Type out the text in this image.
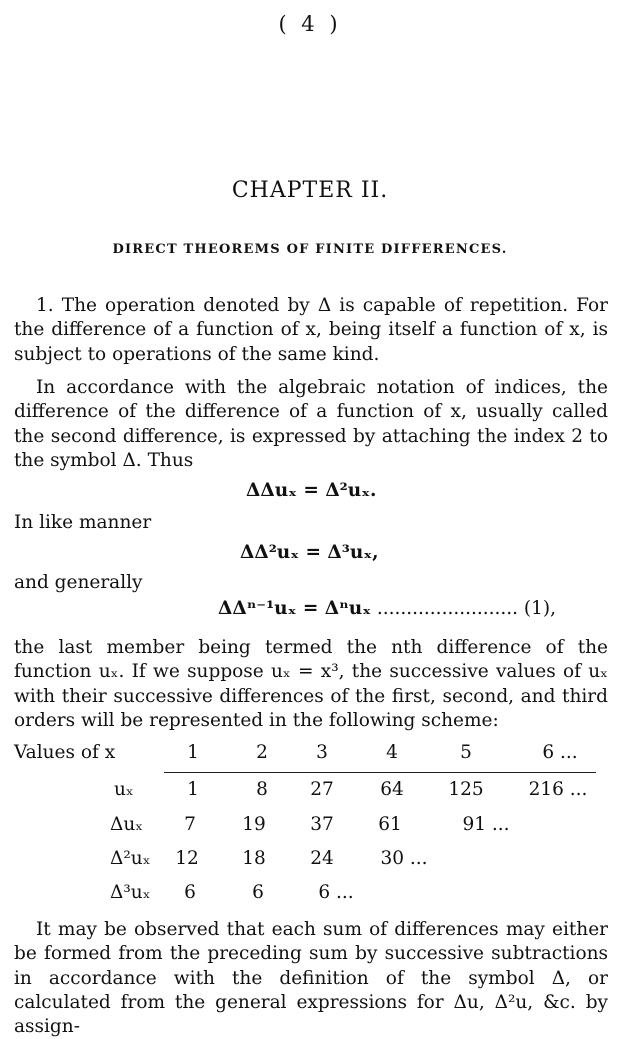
( 4 )
CHAPTER II.
DIRECT THEOREMS OF FINITE DIFFERENCES.
1. The operation denoted by Δ is capable of repetition. For the difference of a function of x, being itself a function of x, is subject to operations of the same kind.
In accordance with the algebraic notation of indices, the difference of the difference of a function of x, usually called the second difference, is expressed by attaching the index 2 to the symbol Δ. Thus
ΔΔuₓ = Δ²uₓ.
In like manner
ΔΔ²uₓ = Δ³uₓ,
and generally
ΔΔⁿ⁻¹uₓ = Δⁿuₓ ........................ (1),
the last member being termed the nth difference of the function uₓ. If we suppose uₓ = x³, the successive values of uₓ with their successive differences of the first, second, and third orders will be represented in the following scheme:
Values of x	1	2	3	4	5	6 ...
uₓ	1	8 27	64 125 216 ...
Δuₓ 7	19 37 61	91 ...
Δ²uₓ 12 18 24	30 ...
Δ³uₓ 6	6	6 ...
It may be observed that each sum of differences may either be formed from the preceding sum by successive subtractions in accordance with the definition of the symbol Δ, or calculated from the general expressions for Δu, Δ²u, &c. by assign-
